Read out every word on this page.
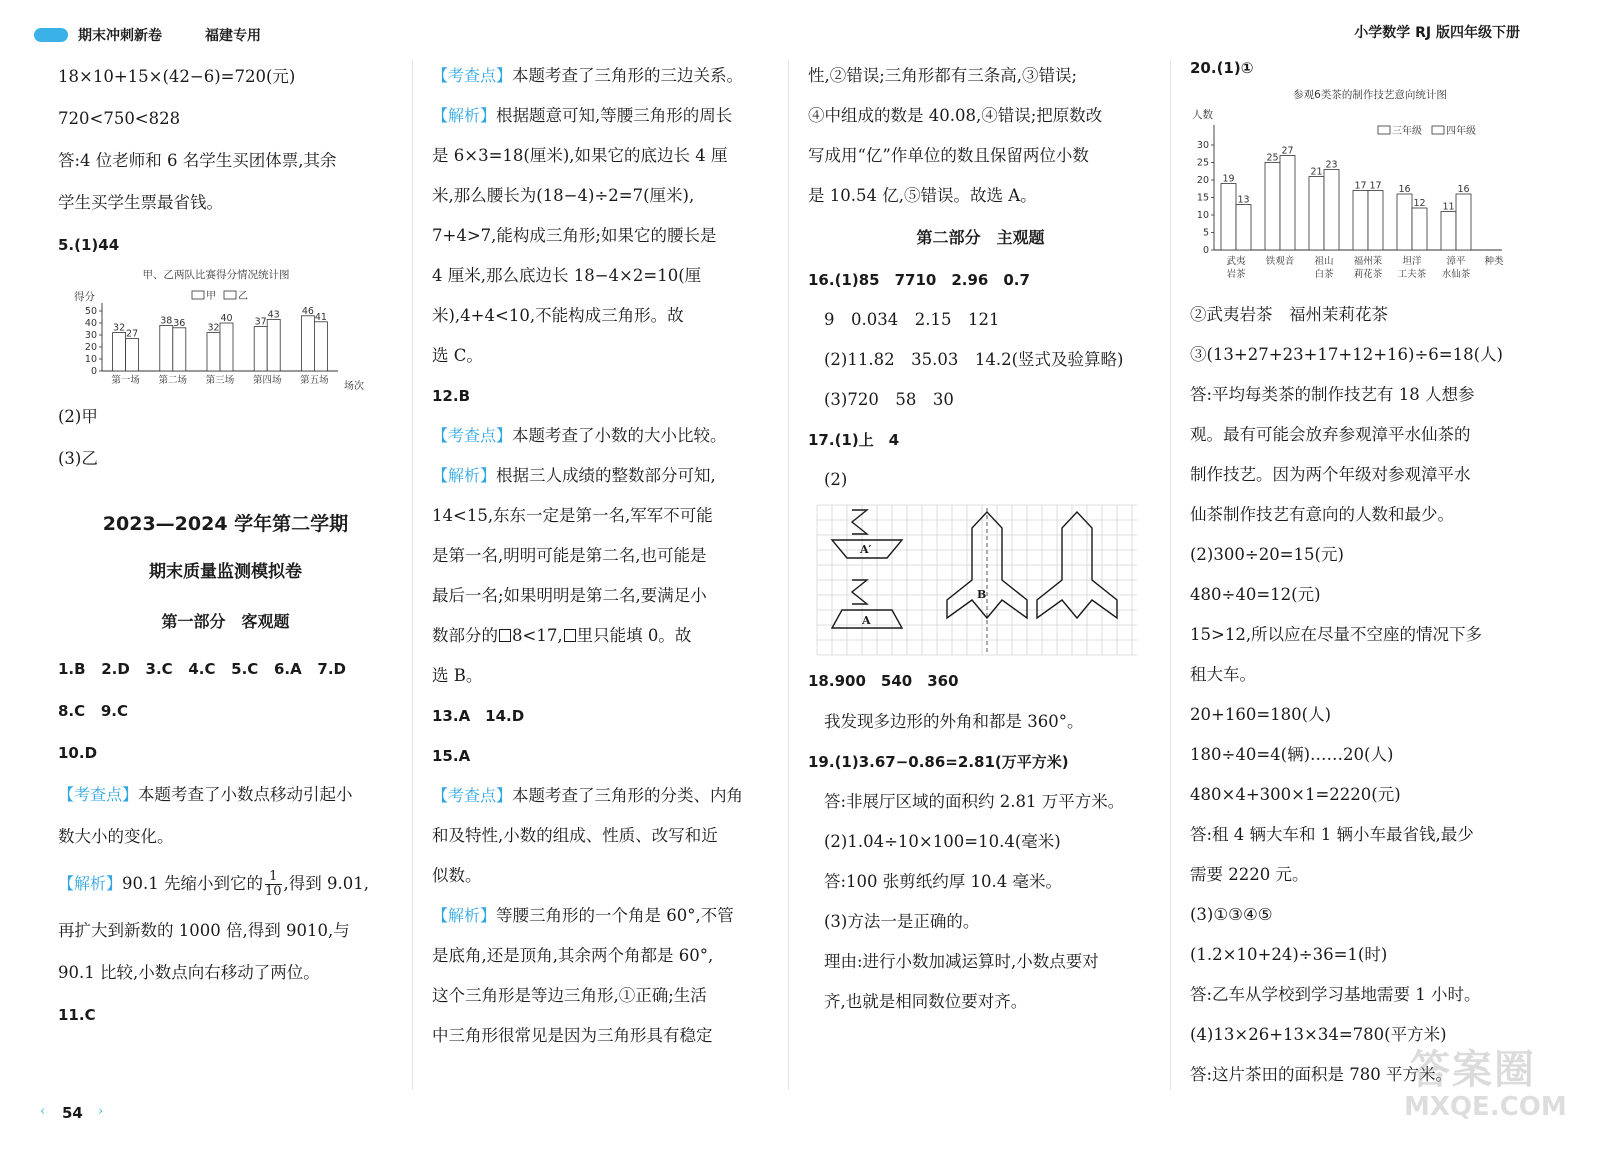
期末冲刺新卷	福建专用	小学数学 RJ 版四年级下册
18×10+15×(42−6)=720(元)
720<750<828
答:4 位老师和 6 名学生买团体票,其余
学生买学生票最省钱。
5.(1)44
甲、乙两队比赛得分情况统计图
得分	甲 乙
0
10
20
30
40
50
32
27
第一场
38 36
第二场
32
40
第三场
37
43
第四场
46
41
第五场
场次
(2)甲
(3)乙
2023—2024 学年第二学期
期末质量监测模拟卷
第一部分　客观题
1.B 2.D 3.C 4.C 5.C 6.A 7.D
8.C 9.C
10.D
【考查点】本题考查了小数点移动引起小
数大小的变化。
【解析】90.1 先缩小到它的 $\frac{1}{10}$ ,得到 9.01,
再扩大到新数的 1000 倍,得到 9010,与
90.1 比较,小数点向右移动了两位。
11.C
【考查点】本题考查了三角形的三边关系。
【解析】根据题意可知,等腰三角形的周长
是 6×3=18(厘米),如果它的底边长 4 厘
米,那么腰长为(18−4)÷2=7(厘米),
7+4>7,能构成三角形;如果它的腰长是
4 厘米,那么底边长 18−4×2=10(厘
米),4+4<10,不能构成三角形。故
选 C。
12.B
【考查点】本题考查了小数的大小比较。
【解析】根据三人成绩的整数部分可知,
14<15,东东一定是第一名,军军不可能
是第一名,明明可能是第二名,也可能是
最后一名;如果明明是第二名,要满足小
数部分的 8<17, 里只能填 0。故
选 B。
13.A　14.D
15.A
【考查点】本题考查了三角形的分类、内角
和及特性,小数的组成、性质、改写和近
似数。
【解析】等腰三角形的一个角是 60°,不管
是底角,还是顶角,其余两个角都是 60°,
这个三角形是等边三角形,①正确;生活
中三角形很常见是因为三角形具有稳定
性,②错误;三角形都有三条高,③错误;
④中组成的数是 40.08,④错误;把原数改
写成用“亿”作单位的数且保留两位小数
是 10.54 亿,⑤错误。故选 A。
第二部分　主观题
16.(1)85　7710　2.96　0.7
9　0.034　2.15　121
(2)11.82　35.03　14.2(竖式及验算略)
(3)720　58　30
17.(1)上　4
(2)
A′
A
B
18.900　540　360
我发现多边形的外角和都是 360°。
19.(1)3.67−0.86=2.81(万平方米)
答:非展厅区域的面积约 2.81 万平方米。
(2)1.04÷10×100=10.4(毫米)
答:100 张剪纸约厚 10.4 毫米。
(3)方法一是正确的。
理由:进行小数加减运算时,小数点要对
齐,也就是相同数位要对齐。
20.(1)①
参观6类茶的制作技艺意向统计图
人数
三年级 四年级
0
5
10
15
20
25
30
19
13
25
27
21
23
17 17 16
12 11
16
武夷
岩茶
铁观音 祖山
白茶
福州茉
莉花茶
坦洋
工夫茶
漳平
水仙茶
种类
②武夷岩茶　福州茉莉花茶
③(13+27+23+17+12+16)÷6=18(人)
答:平均每类茶的制作技艺有 18 人想参
观。最有可能会放弃参观漳平水仙茶的
制作技艺。因为两个年级对参观漳平水
仙茶制作技艺有意向的人数和最少。
(2)300÷20=15(元)
480÷40=12(元)
15>12,所以应在尽量不空座的情况下多
租大车。
20+160=180(人)
180÷40=4(辆)……20(人)
480×4+300×1=2220(元)
答:租 4 辆大车和 1 辆小车最省钱,最少
需要 2220 元。
(3)①③④⑤
(1.2×10+24)÷36=1(时)
答:乙车从学校到学习基地需要 1 小时。
(4)13×26+13×34=780(平方米)
答:这片茶田的面积是 780 平方米。
‹ 54 ›
答案圈
MXQE.COM
